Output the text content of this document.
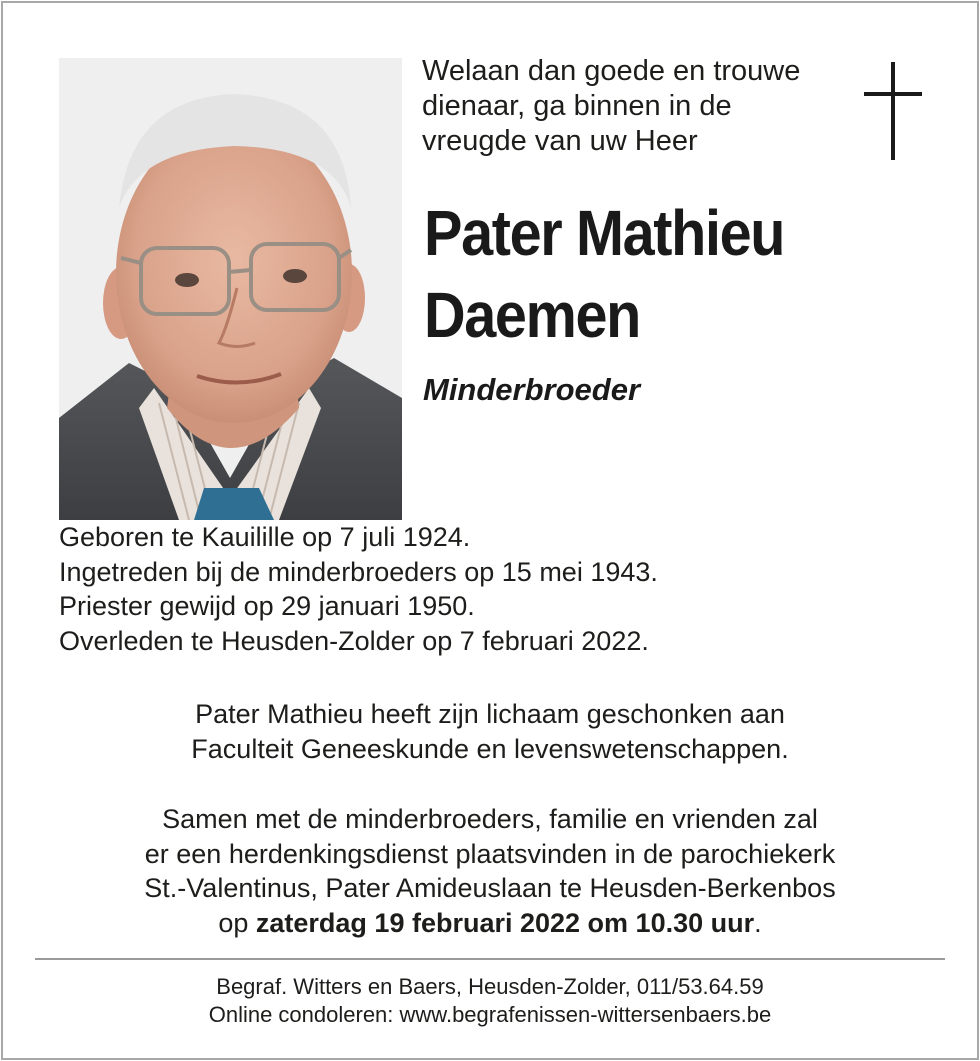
Welaan dan goede en trouwe
dienaar, ga binnen in de
vreugde van uw Heer
Pater Mathieu
Daemen
Minderbroeder
Geboren te Kauilille op 7 juli 1924.
Ingetreden bij de minderbroeders op 15 mei 1943.
Priester gewijd op 29 januari 1950.
Overleden te Heusden-Zolder op 7 februari 2022.
Pater Mathieu heeft zijn lichaam geschonken aan
Faculteit Geneeskunde en levenswetenschappen.
Samen met de minderbroeders, familie en vrienden zal
er een herdenkingsdienst plaatsvinden in de parochiekerk
St.-Valentinus, Pater Amideuslaan te Heusden-Berkenbos
op zaterdag 19 februari 2022 om 10.30 uur.
Begraf. Witters en Baers, Heusden-Zolder, 011/53.64.59
Online condoleren: www.begrafenissen-wittersenbaers.be
